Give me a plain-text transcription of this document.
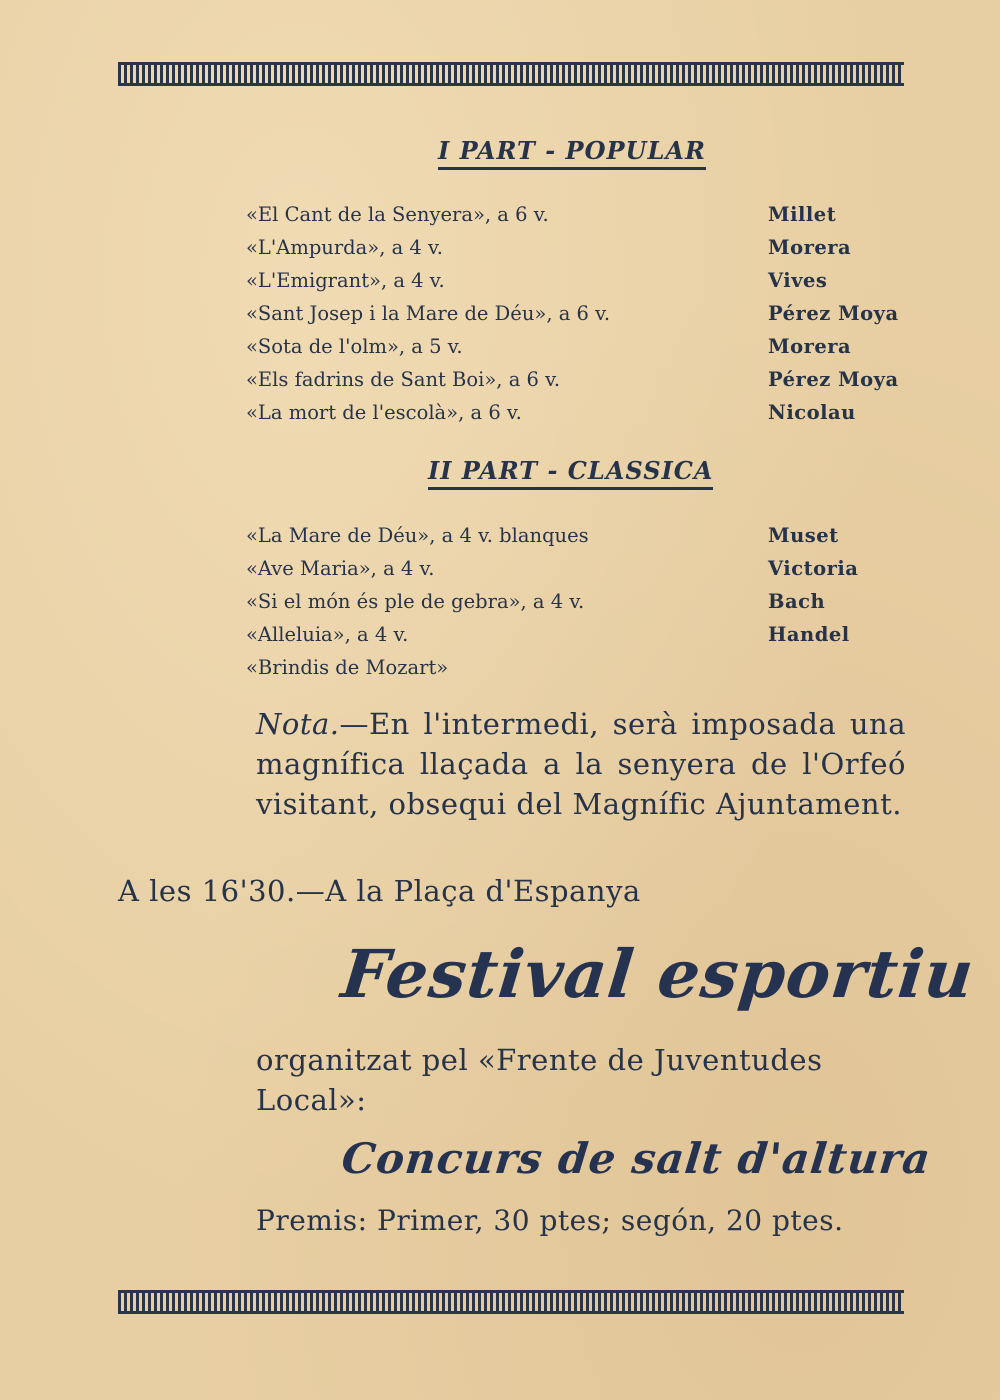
I PART - POPULAR
«El Cant de la Senyera», a 6 v.	Millet
«L'Ampurda», a 4 v.	Morera
«L'Emigrant», a 4 v.	Vives
«Sant Josep i la Mare de Déu», a 6 v.	Pérez Moya
«Sota de l'olm», a 5 v.	Morera
«Els fadrins de Sant Boi», a 6 v.	Pérez Moya
«La mort de l'escolà», a 6 v.	Nicolau
II PART - CLASSICA
«La Mare de Déu», a 4 v. blanques	Muset
«Ave Maria», a 4 v.	Victoria
«Si el món és ple de gebra», a 4 v.	Bach
«Alleluia», a 4 v.	Handel
«Brindis de Mozart»
Nota.—En l'intermedi, serà imposada una magnífica llaçada a la senyera de l'Orfeó visitant, obsequi del Magnífic Ajuntament.
A les 16'30.—A la Plaça d'Espanya
Festival esportiu
organitzat pel «Frente de Juventudes Local»:
Concurs de salt d'altura
Premis: Primer, 30 ptes; segón, 20 ptes.
